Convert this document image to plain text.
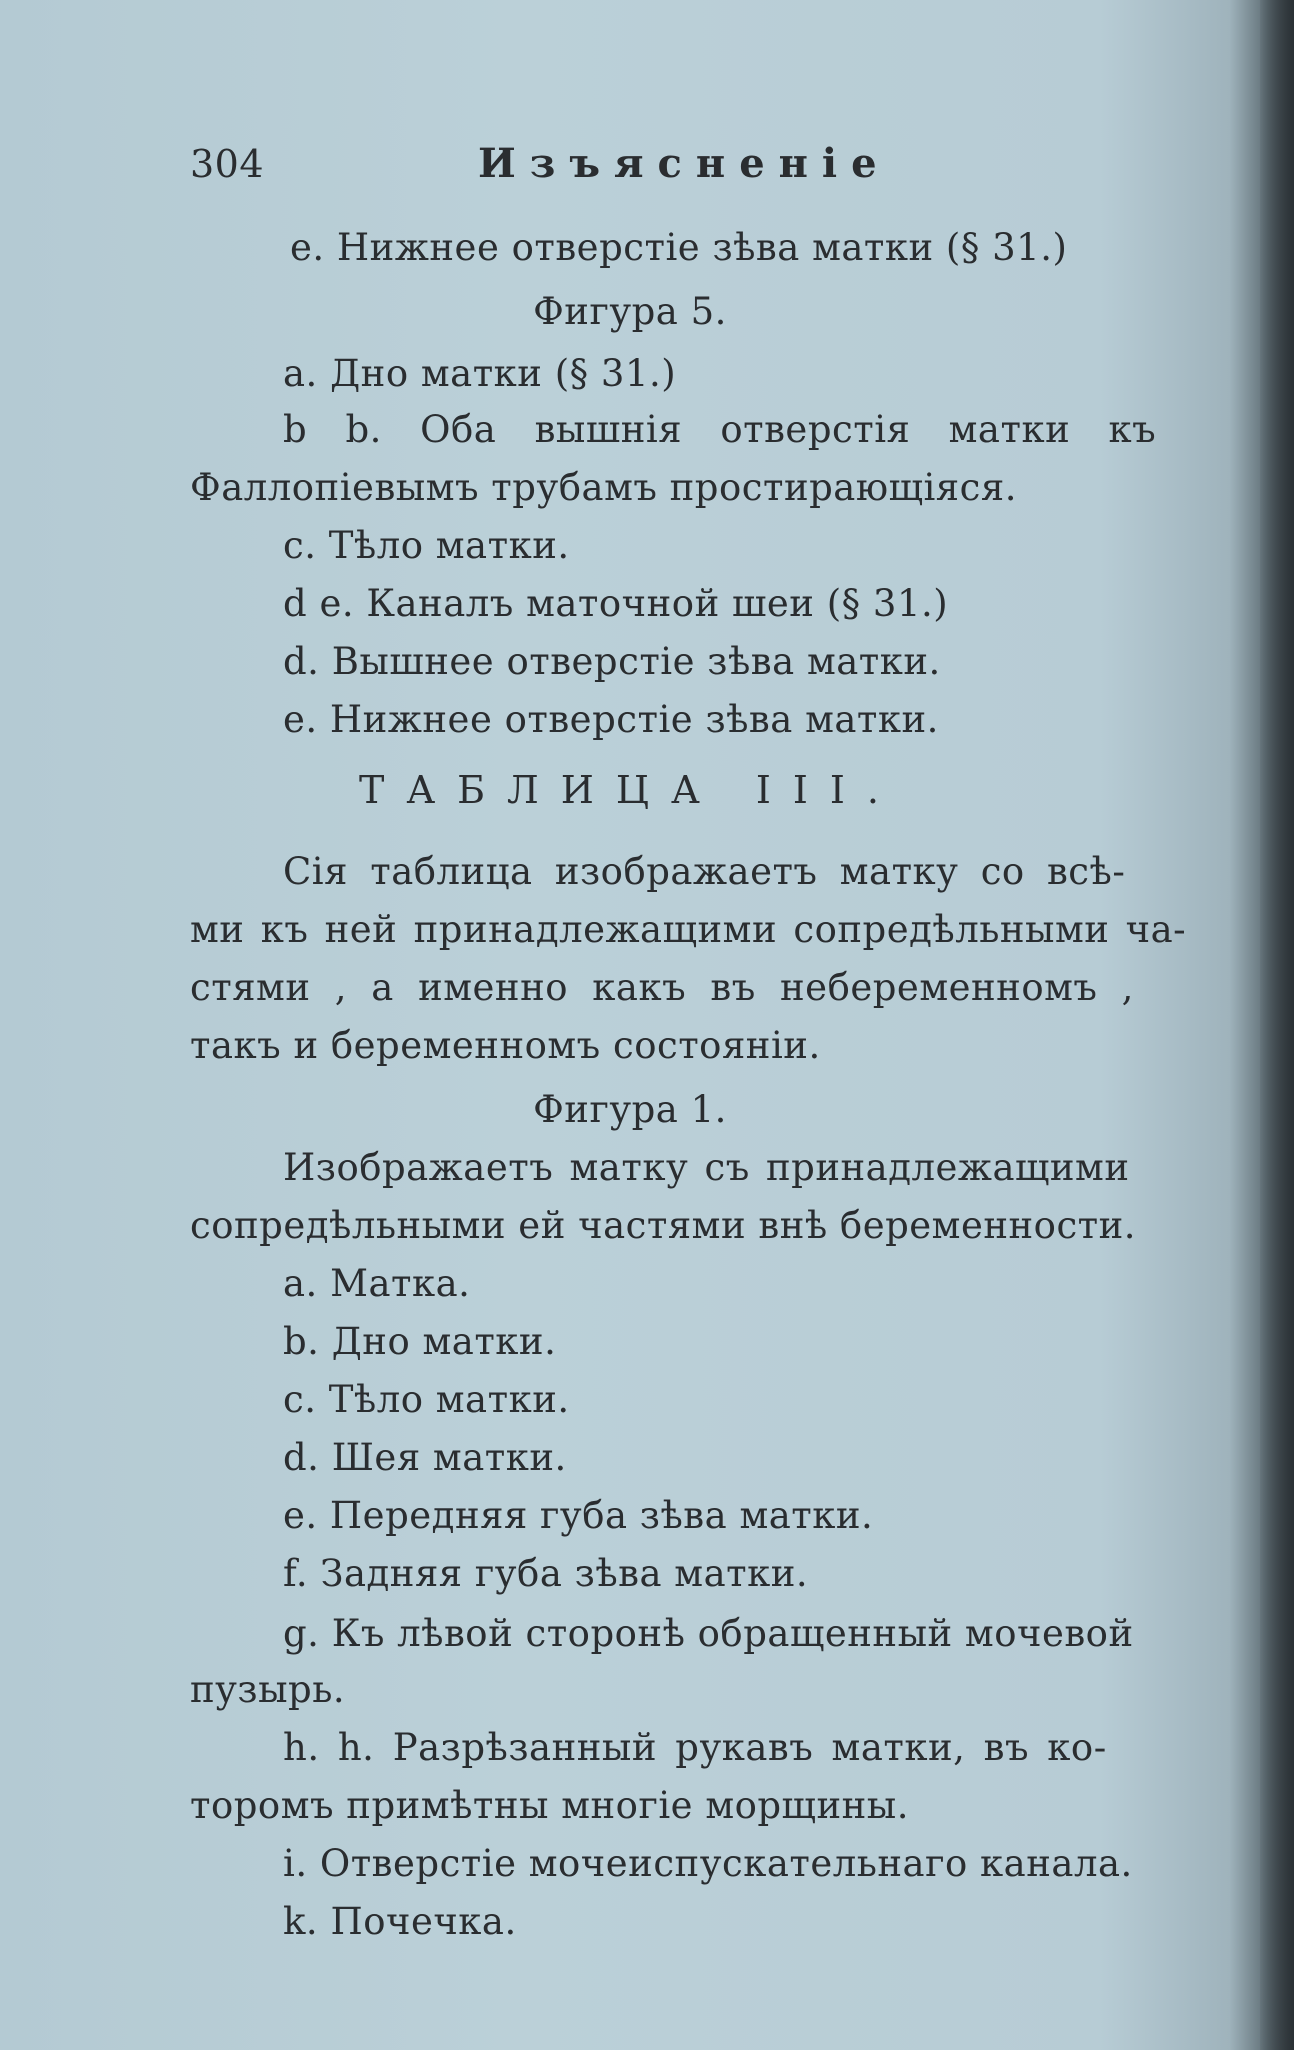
304	Изъясненіе
e. Нижнее отверстіе зѣва матки (§ 31.)
Фигура 5.
a. Дно матки (§ 31.)
b b. Оба вышнія отверстія матки къ
Фаллопіевымъ трубамъ простирающіяся.
c. Тѣло матки.
d e. Каналъ маточной шеи (§ 31.)
d. Вышнее отверстіе зѣва матки.
e. Нижнее отверстіе зѣва матки.
ТАБЛИЦА III.
Сія таблица изображаетъ матку со всѣ-
ми къ ней принадлежащими сопредѣльными ча-
стями , а именно какъ въ небеременномъ ,
такъ и беременномъ состояніи.
Фигура 1.
Изображаетъ матку съ принадлежащими
сопредѣльными ей частями внѣ беременности.
a. Матка.
b. Дно матки.
c. Тѣло матки.
d. Шея матки.
e. Передняя губа зѣва матки.
f. Задняя губа зѣва матки.
g. Къ лѣвой сторонѣ обращенный мочевой
пузырь.
h. h. Разрѣзанный рукавъ матки, въ ко-
торомъ примѣтны многіе морщины.
i. Отверстіе мочеиспускательнаго канала.
k. Почечка.
